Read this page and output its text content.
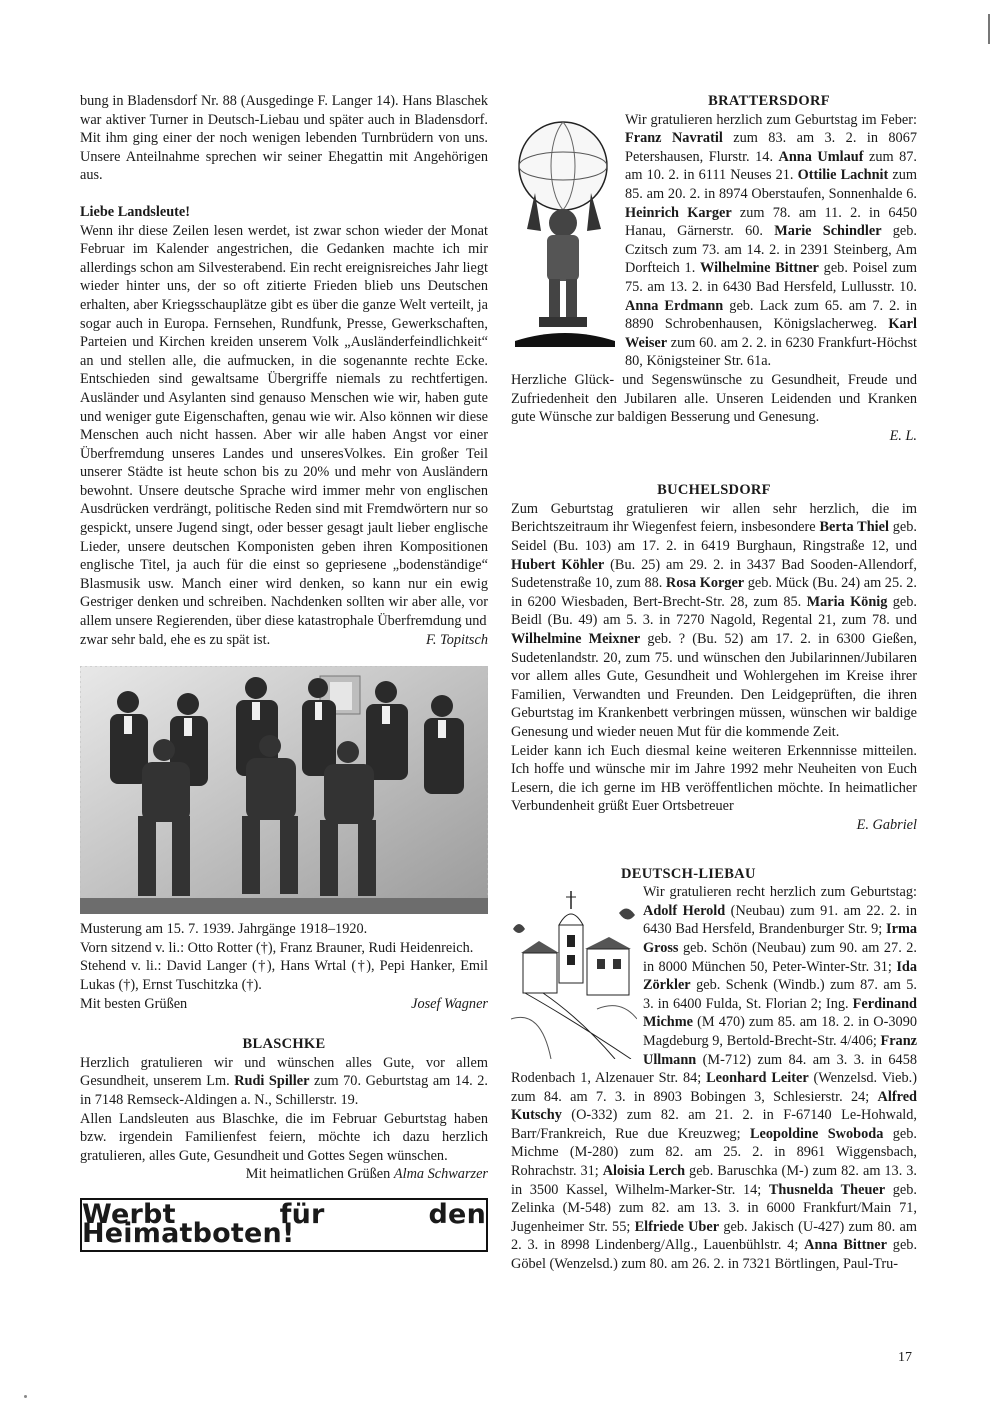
bung in Bladensdorf Nr. 88 (Ausgedinge F. Langer 14). Hans Blaschek war aktiver Turner in Deutsch-Liebau und später auch in Bladensdorf. Mit ihm ging einer der noch wenigen lebenden Turnbrüdern von uns. Unsere Anteilnahme sprechen wir seiner Ehegattin mit Angehörigen aus.

Liebe Landsleute!

Wenn ihr diese Zeilen lesen werdet, ist zwar schon wieder der Monat Februar im Kalender angestrichen, die Gedanken machte ich mir allerdings schon am Silvesterabend. Ein recht ereignisreiches Jahr liegt wieder hinter uns, der so oft zitierte Frieden blieb uns Deutschen erhalten, aber Kriegsschauplätze gibt es über die ganze Welt verteilt, ja sogar auch in Europa. Fernsehen, Rundfunk, Presse, Gewerkschaften, Parteien und Kirchen kreiden unserem Volk „Ausländerfeindlichkeit“ an und stellen alle, die aufmucken, in die sogenannte rechte Ecke. Entschieden sind gewaltsame Übergriffe niemals zu rechtfertigen. Ausländer und Asylanten sind genauso Menschen wie wir, haben gute und weniger gute Eigenschaften, genau wie wir. Also können wir diese Menschen auch nicht hassen. Aber wir alle haben Angst vor einer Überfremdung unseres Landes und unseresVolkes. Ein großer Teil unserer Städte ist heute schon bis zu 20% und mehr von Ausländern bewohnt. Unsere deutsche Sprache wird immer mehr von englischen Ausdrücken verdrängt, politische Reden sind mit Fremdwörtern nur so gespickt, unsere Jugend singt, oder besser gesagt jault lieber englische Lieder, unsere deutschen Komponisten geben ihren Kompositionen englische Titel, ja auch für die einst so gepriesene „bodenständige“ Blasmusik usw. Manch einer wird denken, so kann nur ein ewig Gestriger denken und schreiben. Nachdenken sollten wir aber alle, vor allem unsere Regierenden, über diese katastrophale Überfremdung und

zwar sehr bald, ehe es zu spät ist.	F. Topitsch

Musterung am 15. 7. 1939. Jahrgänge 1918–1920.

Vorn sitzend v. li.: Otto Rotter (†), Franz Brauner, Rudi Heidenreich.

Stehend v. li.: David Langer (†), Hans Wrtal (†), Pepi Hanker, Emil Lukas (†), Ernst Tuschitzka (†).

Mit besten Grüßen	Josef Wagner

BLASCHKE

Herzlich gratulieren wir und wünschen alles Gute, vor allem Gesundheit, unserem Lm. Rudi Spiller zum 70. Geburtstag am 14. 2. in 7148 Remseck-Aldingen a. N., Schillerstr. 19.

Allen Landsleuten aus Blaschke, die im Februar Geburtstag haben bzw. irgendein Familienfest feiern, möchte ich dazu herzlich gratulieren, alles Gute, Gesundheit und Gottes Segen wünschen.

Mit heimatlichen Grüßen Alma Schwarzer

Werbt für den Heimatboten!

BRATTERSDORF

Wir gratulieren herzlich zum Geburtstag im Feber: Franz Navratil zum 83. am 3. 2. in 8067 Petershausen, Flurstr. 14. Anna Umlauf zum 87. am 10. 2. in 6111 Neuses 21. Ottilie Lachnit zum 85. am 20. 2. in 8974 Oberstaufen, Sonnenhalde 6. Heinrich Karger zum 78. am 11. 2. in 6450 Hanau, Gärnerstr. 60. Marie Schindler geb. Czitsch zum 73. am 14. 2. in 2391 Steinberg, Am Dorfteich 1. Wilhelmine Bittner geb. Poisel zum 75. am 13. 2. in 6430 Bad Hersfeld, Lullusstr. 10. Anna Erdmann geb. Lack zum 65. am 7. 2. in 8890 Schrobenhausen, Königslacherweg. Karl Weiser zum 60. am 2. 2. in 6230 Frankfurt-Höchst 80, Königsteiner Str. 61a.

Herzliche Glück- und Segenswünsche zu Gesundheit, Freude und Zufriedenheit den Jubilaren alle. Unseren Leidenden und Kranken gute Wünsche zur baldigen Besserung und Genesung.

E. L.

BUCHELSDORF

Zum Geburtstag gratulieren wir allen sehr herzlich, die im Berichtszeitraum ihr Wiegenfest feiern, insbesondere Berta Thiel geb. Seidel (Bu. 103) am 17. 2. in 6419 Burghaun, Ringstraße 12, und Hubert Köhler (Bu. 25) am 29. 2. in 3437 Bad Sooden-Allendorf, Sudetenstraße 10, zum 88. Rosa Korger geb. Mück (Bu. 24) am 25. 2. in 6200 Wiesbaden, Bert-Brecht-Str. 28, zum 85. Maria König geb. Beidl (Bu. 49) am 5. 3. in 7270 Nagold, Regental 21, zum 78. und Wilhelmine Meixner geb. ? (Bu. 52) am 17. 2. in 6300 Gießen, Sudetenlandstr. 20, zum 75. und wünschen den Jubilarinnen/Jubilaren vor allem alles Gute, Gesundheit und Wohlergehen im Kreise ihrer Familien, Verwandten und Freunden. Den Leidgeprüften, die ihren Geburtstag im Krankenbett verbringen müssen, wünschen wir baldige Genesung und wieder neuen Mut für die kommende Zeit.

Leider kann ich Euch diesmal keine weiteren Erkennnisse mitteilen. Ich hoffe und wünsche mir im Jahre 1992 mehr Neuheiten von Euch Lesern, die ich gerne im HB veröffentlichen möchte. In heimatlicher Verbundenheit grüßt Euer Ortsbetreuer

E. Gabriel

DEUTSCH-LIEBAU

Wir gratulieren recht herzlich zum Geburtstag: Adolf Herold (Neubau) zum 91. am 22. 2. in 6430 Bad Hersfeld, Brandenburger Str. 9; Irma Gross geb. Schön (Neubau) zum 90. am 27. 2. in 8000 München 50, Peter-Winter-Str. 31; Ida Zörkler geb. Schenk (Windb.) zum 87. am 5. 3. in 6400 Fulda, St. Florian 2; Ing. Ferdinand Michme (M 470) zum 85. am 18. 2. in O-3090 Magdeburg 9, Bertold-Brecht-Str. 4/406; Franz Ullmann (M-712) zum 84. am 3. 3. in 6458 Rodenbach 1, Alzenauer Str. 84; Leonhard Leiter (Wenzelsd. Vieb.) zum 84. am 7. 3. in 8903 Bobingen 3, Schlesierstr. 24; Alfred Kutschy (O-332) zum 82. am 21. 2. in F-67140 Le-Hohwald, Barr/Frankreich, Rue due Kreuzweg; Leopoldine Swoboda geb. Michme (M-280) zum 82. am 25. 2. in 8961 Wiggensbach, Rohrachstr. 31; Aloisia Lerch geb. Baruschka (M-) zum 82. am 13. 3. in 3500 Kassel, Wilhelm-Marker-Str. 14; Thusnelda Theuer geb. Zelinka (M-548) zum 82. am 13. 3. in 6000 Frankfurt/Main 71, Jugenheimer Str. 55; Elfriede Uber geb. Jakisch (U-427) zum 80. am 2. 3. in 8998 Lindenberg/Allg., Lauenbühlstr. 4; Anna Bittner geb. Göbel (Wenzelsd.) zum 80. am 26. 2. in 7321 Börtlingen, Paul-Tru-

17
